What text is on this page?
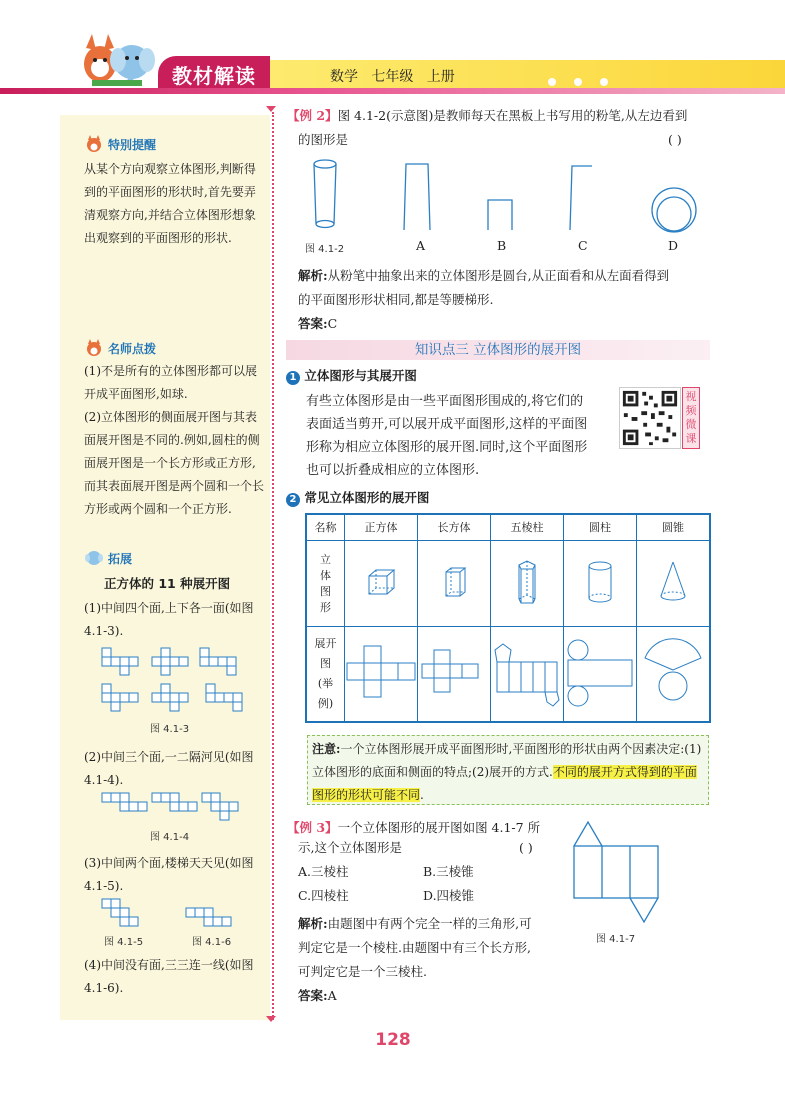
教材解读	数学 七年级 上册
特别提醒
从某个方向观察立体图形,判断得到的平面图形的形状时,首先要弄清观察方向,并结合立体图形想象出观察到的平面图形的形状.
名师点拨
(1)不是所有的立体图形都可以展开成平面图形,如球.
(2)立体图形的侧面展开图与其表面展开图是不同的.例如,圆柱的侧面展开图是一个长方形或正方形,而其表面展开图是两个圆和一个长方形或两个圆和一个正方形.
拓展
正方体的 11 种展开图
(1)中间四个面,上下各一面(如图 4.1-3).
图 4.1-3
(2)中间三个面,一二隔河见(如图 4.1-4).
图 4.1-4
(3)中间两个面,楼梯天天见(如图 4.1-5).
图 4.1-5	图 4.1-6
(4)中间没有面,三三连一线(如图 4.1-6).
【例 2】图 4.1-2(示意图)是教师每天在黑板上书写用的粉笔,从左边看到
的图形是	( )
图 4.1-2	A	B	C	D
解析:从粉笔中抽象出来的立体图形是圆台,从正面看和从左面看得到
的平面图形形状相同,都是等腰梯形.
答案:C
知识点三 立体图形的展开图
1 立体图形与其展开图
有些立体图形是由一些平面图形围成的,将它们的
表面适当剪开,可以展开成平面图形,这样的平面图
形称为相应立体图形的展开图.同时,这个平面图形
也可以折叠成相应的立体图形.
视频微课
2 常见立体图形的展开图
名称	正方体	长方体	五棱柱	圆柱	圆锥
立体图形					
展开图(举例)					
注意:一个立体图形展开成平面图形时,平面图形的形状由两个因素决定:(1)立体图形的底面和侧面的特点;(2)展开的方式.不同的展开方式得到的平面图形的形状可能不同.
【例 3】一个立体图形的展开图如图 4.1-7 所
示,这个立体图形是	( )
A.三棱柱	B.三棱锥
C.四棱柱	D.四棱锥
解析:由题图中有两个完全一样的三角形,可
判定它是一个棱柱.由题图中有三个长方形,
可判定它是一个三棱柱.
答案:A
图 4.1-7
128
